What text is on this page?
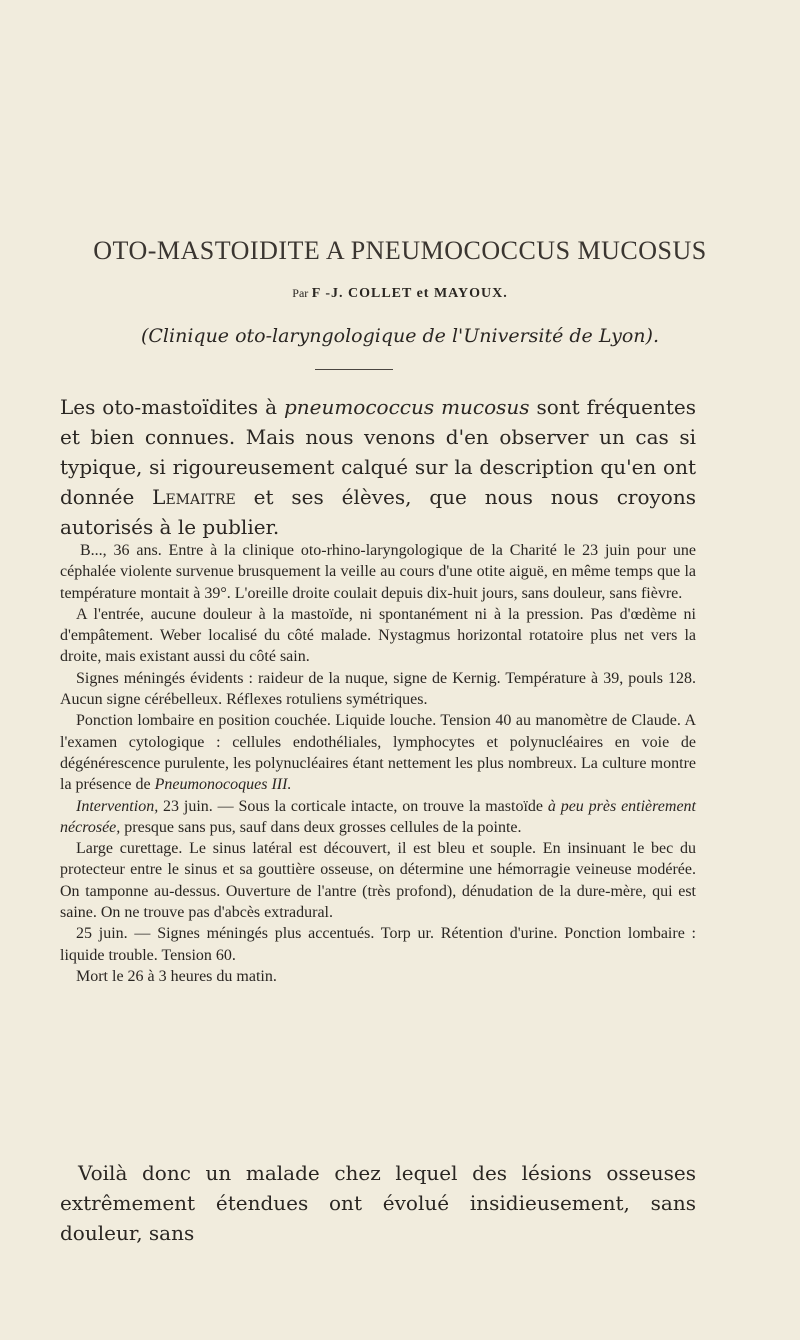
OTO-MASTOIDITE A PNEUMOCOCCUS MUCOSUS
Par F -J. COLLET et MAYOUX.
(Clinique oto-laryngologique de l'Université de Lyon).
Les oto-mastoïdites à pneumococcus mucosus sont fréquentes et bien connues. Mais nous venons d'en observer un cas si typique, si rigoureusement calqué sur la description qu'en ont donnée Lemaitre et ses élèves, que nous nous croyons autorisés à le publier.

B..., 36 ans. Entre à la clinique oto-rhino-laryngologique de la Charité le 23 juin pour une céphalée violente survenue brusquement la veille au cours d'une otite aiguë, en même temps que la température montait à 39°. L'oreille droite coulait depuis dix-huit jours, sans douleur, sans fièvre.

A l'entrée, aucune douleur à la mastoïde, ni spontanément ni à la pression. Pas d'œdème ni d'empâtement. Weber localisé du côté malade. Nystagmus horizontal rotatoire plus net vers la droite, mais existant aussi du côté sain.

Signes méningés évidents : raideur de la nuque, signe de Kernig. Température à 39, pouls 128. Aucun signe cérébelleux. Réflexes rotuliens symétriques.

Ponction lombaire en position couchée. Liquide louche. Tension 40 au manomètre de Claude. A l'examen cytologique : cellules endothéliales, lymphocytes et polynucléaires en voie de dégénérescence purulente, les polynucléaires étant nettement les plus nombreux. La culture montre la présence de Pneumonocoques III.

Intervention, 23 juin. — Sous la corticale intacte, on trouve la mastoïde à peu près entièrement nécrosée, presque sans pus, sauf dans deux grosses cellules de la pointe.

Large curettage. Le sinus latéral est découvert, il est bleu et souple. En insinuant le bec du protecteur entre le sinus et sa gouttière osseuse, on détermine une hémorragie veineuse modérée. On tamponne au-dessus. Ouverture de l'antre (très profond), dénudation de la dure-mère, qui est saine. On ne trouve pas d'abcès extradural.

25 juin. — Signes méningés plus accentués. Torp ur. Rétention d'urine. Ponction lombaire : liquide trouble. Tension 60.

Mort le 26 à 3 heures du matin.

Voilà donc un malade chez lequel des lésions osseuses extrêmement étendues ont évolué insidieusement, sans douleur, sans
